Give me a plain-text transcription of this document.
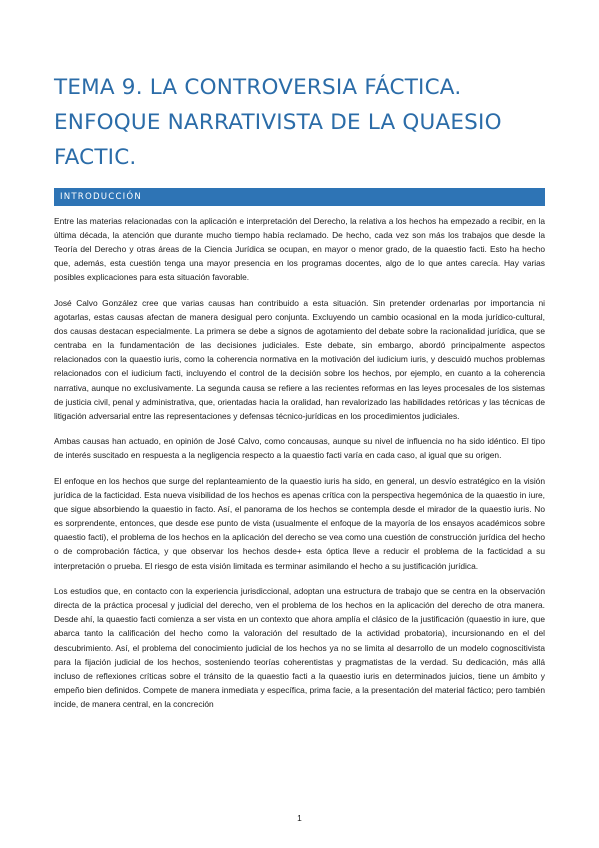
TEMA 9. LA CONTROVERSIA FÁCTICA.
ENFOQUE NARRATIVISTA DE LA QUAESIO
FACTIC.
INTRODUCCIÓN

Entre las materias relacionadas con la aplicación e interpretación del Derecho, la relativa a los hechos ha empezado a recibir, en la última década, la atención que durante mucho tiempo había reclamado. De hecho, cada vez son más los trabajos que desde la Teoría del Derecho y otras áreas de la Ciencia Jurídica se ocupan, en mayor o menor grado, de la quaestio facti. Esto ha hecho que, además, esta cuestión tenga una mayor presencia en los programas docentes, algo de lo que antes carecía. Hay varias posibles explicaciones para esta situación favorable.

José Calvo González cree que varias causas han contribuido a esta situación. Sin pretender ordenarlas por importancia ni agotarlas, estas causas afectan de manera desigual pero conjunta. Excluyendo un cambio ocasional en la moda jurídico-cultural, dos causas destacan especialmente. La primera se debe a signos de agotamiento del debate sobre la racionalidad jurídica, que se centraba en la fundamentación de las decisiones judiciales. Este debate, sin embargo, abordó principalmente aspectos relacionados con la quaestio iuris, como la coherencia normativa en la motivación del iudicium iuris, y descuidó muchos problemas relacionados con el iudicium facti, incluyendo el control de la decisión sobre los hechos, por ejemplo, en cuanto a la coherencia narrativa, aunque no exclusivamente. La segunda causa se refiere a las recientes reformas en las leyes procesales de los sistemas de justicia civil, penal y administrativa, que, orientadas hacia la oralidad, han revalorizado las habilidades retóricas y las técnicas de litigación adversarial entre las representaciones y defensas técnico-jurídicas en los procedimientos judiciales.

Ambas causas han actuado, en opinión de José Calvo, como concausas, aunque su nivel de influencia no ha sido idéntico. El tipo de interés suscitado en respuesta a la negligencia respecto a la quaestio facti varía en cada caso, al igual que su origen.

El enfoque en los hechos que surge del replanteamiento de la quaestio iuris ha sido, en general, un desvío estratégico en la visión jurídica de la facticidad. Esta nueva visibilidad de los hechos es apenas crítica con la perspectiva hegemónica de la quaestio in iure, que sigue absorbiendo la quaestio in facto. Así, el panorama de los hechos se contempla desde el mirador de la quaestio iuris. No es sorprendente, entonces, que desde ese punto de vista (usualmente el enfoque de la mayoría de los ensayos académicos sobre quaestio facti), el problema de los hechos en la aplicación del derecho se vea como una cuestión de construcción jurídica del hecho o de comprobación fáctica, y que observar los hechos desde+ esta óptica lleve a reducir el problema de la facticidad a su interpretación o prueba. El riesgo de esta visión limitada es terminar asimilando el hecho a su justificación jurídica.

Los estudios que, en contacto con la experiencia jurisdiccional, adoptan una estructura de trabajo que se centra en la observación directa de la práctica procesal y judicial del derecho, ven el problema de los hechos en la aplicación del derecho de otra manera. Desde ahí, la quaestio facti comienza a ser vista en un contexto que ahora amplía el clásico de la justificación (quaestio in iure, que abarca tanto la calificación del hecho como la valoración del resultado de la actividad probatoria), incursionando en el del descubrimiento. Así, el problema del conocimiento judicial de los hechos ya no se limita al desarrollo de un modelo cognoscitivista para la fijación judicial de los hechos, sosteniendo teorías coherentistas y pragmatistas de la verdad. Su dedicación, más allá incluso de reflexiones críticas sobre el tránsito de la quaestio facti a la quaestio iuris en determinados juicios, tiene un ámbito y empeño bien definidos. Compete de manera inmediata y específica, prima facie, a la presentación del material fáctico; pero también incide, de manera central, en la concreción

1
